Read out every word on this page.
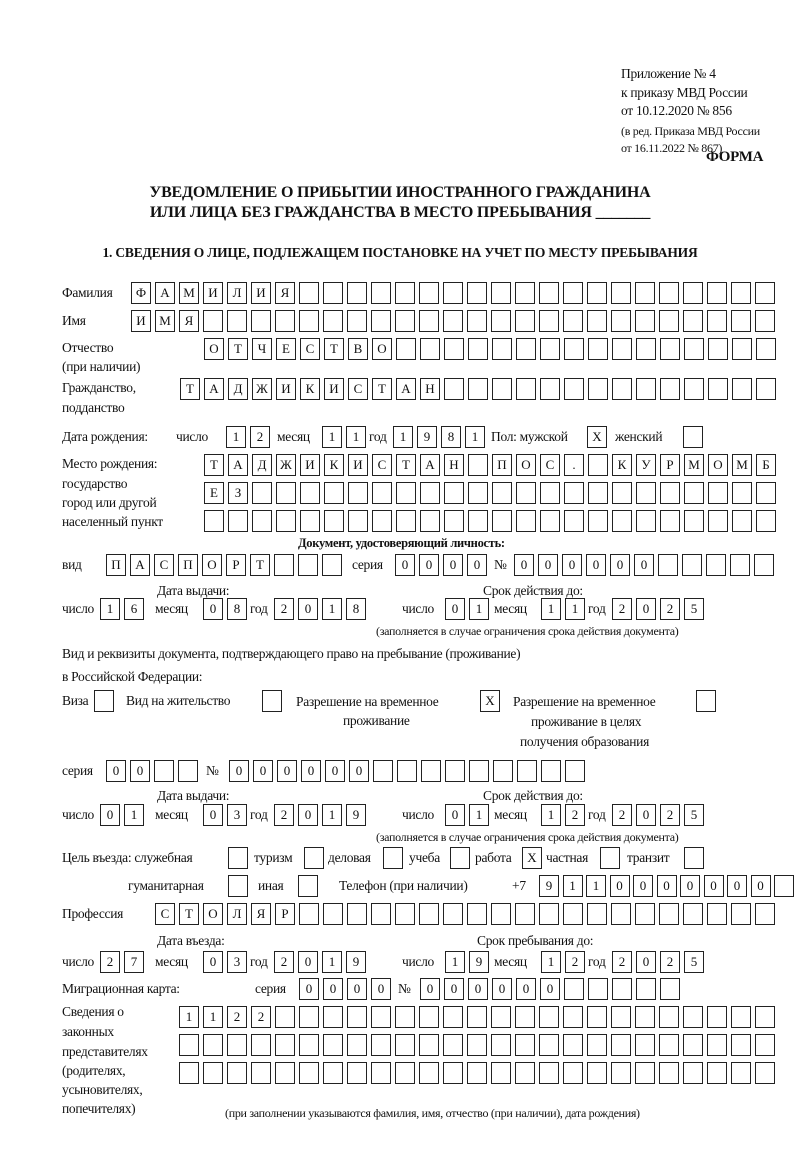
Приложение № 4
к приказу МВД России
от 10.12.2020 № 856
(в ред. Приказа МВД России
от 16.11.2022 № 867)
ФОРМА
УВЕДОМЛЕНИЕ О ПРИБЫТИИ ИНОСТРАННОГО ГРАЖДАНИНА
ИЛИ ЛИЦА БЕЗ ГРАЖДАНСТВА В МЕСТО ПРЕБЫВАНИЯ _______
1. СВЕДЕНИЯ О ЛИЦЕ, ПОДЛЕЖАЩЕМ ПОСТАНОВКЕ НА УЧЕТ ПО МЕСТУ ПРЕБЫВАНИЯ
Фамилия	Ф	А	М	И	Л	И	Я
Имя	И	М	Я
Отчество
(при наличии)
О	Т	Ч	Е	С	Т	В	О
Гражданство,
подданство
Т	А	Д	Ж	И	К	И	С	Т	А	Н
Дата рождения: число	1	2	месяц	1	1 год	1	9	8	1 Пол: мужской	X женский
Место рождения:
государство
город или другой
населенный пункт
Т	А	Д	Ж	И	К	И	С	Т	А	Н	П	О	С	.	К	У	Р	М	О	М	Б
Е	З
Документ, удостоверяющий личность:
вид	П	А	С	П	О	Р	Т	серия	0	0	0	0	№	0	0	0	0	0	0
Дата выдачи:	Срок действия до:
число 1	6	месяц	0	8 год	2	0	1	8	число	0	1 месяц	1	1 год	2	0	2	5
(заполняется в случае ограничения срока действия документа)
Вид и реквизиты документа, подтверждающего право на пребывание (проживание)
в Российской Федерации:
Виза	Вид на жительство	Разрешение на временное
проживание
X	Разрешение на временное
проживание в целях
получения образования
серия	0	0	№	0	0	0	0	0	0
Дата выдачи:	Срок действия до:
число 0	1	месяц	0	3 год	2	0	1	9	число	0	1 месяц	1	2 год	2	0	2	5
(заполняется в случае ограничения срока действия документа)
Цель въезда: служебная	туризм	деловая	учеба	работа	X частная	транзит
гуманитарная	иная	Телефон (при наличии)	+7	9	1	1	0	0	0	0	0	0	0
Профессия	С	Т	О	Л	Я	Р
Дата въезда:	Срок пребывания до:
число 2	7	месяц	0	3 год	2	0	1	9	число	1	9 месяц	1	2 год	2	0	2	5
Миграционная карта:	серия	0	0	0	0	№	0	0	0	0	0	0
Сведения о
законных
представителях
(родителях,
усыновителях,
попечителях)
1	1	2	2
(при заполнении указываются фамилия, имя, отчество (при наличии), дата рождения)
